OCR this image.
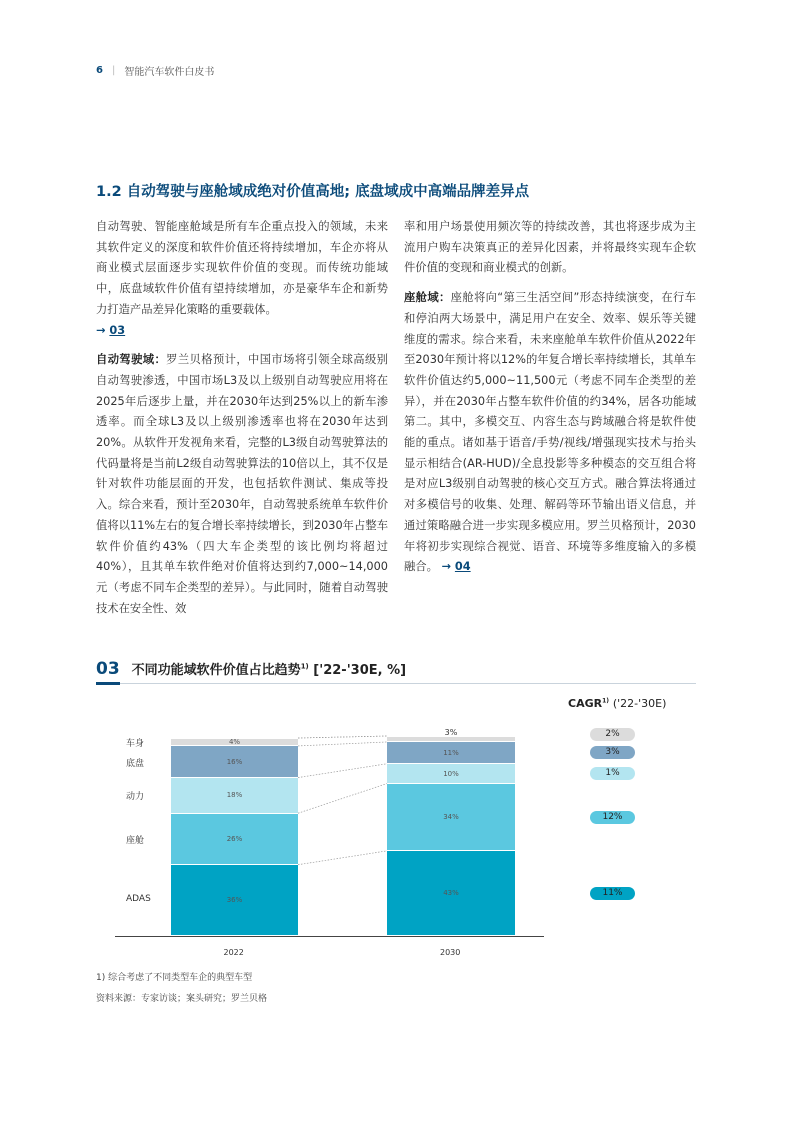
6 | 智能汽车软件白皮书
1.2 自动驾驶与座舱域成绝对价值高地; 底盘域成中高端品牌差异点

自动驾驶、智能座舱域是所有车企重点投入的领域，未来其软件定义的深度和软件价值还将持续增加，车企亦将从商业模式层面逐步实现软件价值的变现。而传统功能域中，底盘域软件价值有望持续增加，亦是豪华车企和新势力打造产品差异化策略的重要载体。
→ 03

自动驾驶域：罗兰贝格预计，中国市场将引领全球高级别自动驾驶渗透，中国市场L3及以上级别自动驾驶应用将在2025年后逐步上量，并在2030年达到25%以上的新车渗透率。而全球L3及以上级别渗透率也将在2030年达到20%。从软件开发视角来看，完整的L3级自动驾驶算法的代码量将是当前L2级自动驾驶算法的10倍以上，其不仅是针对软件功能层面的开发，也包括软件测试、集成等投入。综合来看，预计至2030年，自动驾驶系统单车软件价值将以11%左右的复合增长率持续增长，到2030年占整车软件价值约43%（四大车企类型的该比例均将超过40%），且其单车软件绝对价值将达到约7,000~14,000元（考虑不同车企类型的差异）。与此同时，随着自动驾驶技术在安全性、效

率和用户场景使用频次等的持续改善，其也将逐步成为主流用户购车决策真正的差异化因素，并将最终实现车企软件价值的变现和商业模式的创新。

座舱域：座舱将向“第三生活空间”形态持续演变，在行车和停泊两大场景中，满足用户在安全、效率、娱乐等关键维度的需求。综合来看，未来座舱单车软件价值从2022年至2030年预计将以12%的年复合增长率持续增长，其单车软件价值达约5,000~11,500元（考虑不同车企类型的差异），并在2030年占整车软件价值的约34%，居各功能域第二。其中，多模交互、内容生态与跨域融合将是软件使能的重点。诸如基于语音/手势/视线/增强现实技术与抬头显示相结合(AR-HUD)/全息投影等多种模态的交互组合将是对应L3级别自动驾驶的核心交互方式。融合算法将通过对多模信号的收集、处理、解码等环节输出语义信息，并通过策略融合进一步实现多模应用。罗兰贝格预计，2030年将初步实现综合视觉、语音、环境等多维度输入的多模融合。 → 04

03 不同功能域软件价值占比趋势$^{1)}$ ['22-'30E, %]
CAGR$^{1)}$ ('22-'30E)
36%
26%
18%
16%
4%
43%
34%
10%
11%
3%
ADAS
座舱
动力
底盘
车身
11%
12%
1%
3%
2%
2022	2030
1) 综合考虑了不同类型车企的典型车型
资料来源：专家访谈；案头研究；罗兰贝格
